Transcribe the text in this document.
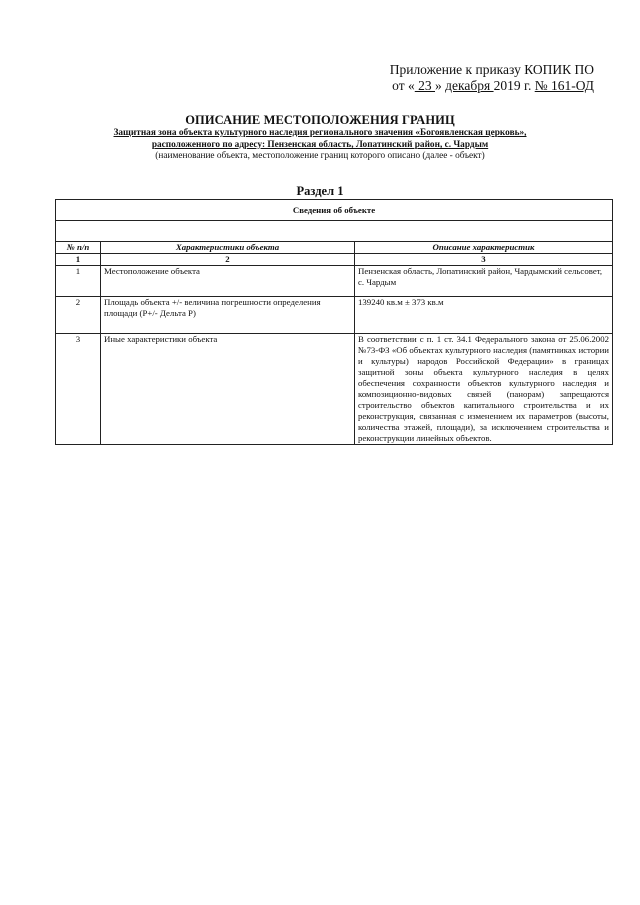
Приложение к приказу КОПИК ПО
от « 23 » декабря 2019 г. № 161-ОД
ОПИСАНИЕ МЕСТОПОЛОЖЕНИЯ ГРАНИЦ
Защитная зона объекта культурного наследия регионального значения «Богоявленская церковь»,
расположенного по адресу: Пензенская область, Лопатинский район, с. Чардым
(наименование объекта, местоположение границ которого описано (далее - объект)
Раздел 1
Сведения об объекте		

№ п/п	Характеристики объекта	Описание характеристик
1	2	3
1	Местоположение объекта	Пензенская область, Лопатинский район, Чардымский сельсовет, с. Чардым
2	Площадь объекта +/- величина погрешности определения площади (Р+/- Дельта Р)	139240 кв.м ± 373 кв.м
3	Иные характеристики объекта	В соответствии с п. 1 ст. 34.1 Федерального закона от 25.06.2002 №73-ФЗ «Об объектах культурного наследия (памятниках истории и культуры) народов Российской Федерации» в границах защитной зоны объекта культурного наследия в целях обеспечения сохранности объектов культурного наследия и композиционно-видовых связей (панорам) запрещаются строительство объектов капитального строительства и их реконструкция, связанная с изменением их параметров (высоты, количества этажей, площади), за исключением строительства и реконструкции линейных объектов.
